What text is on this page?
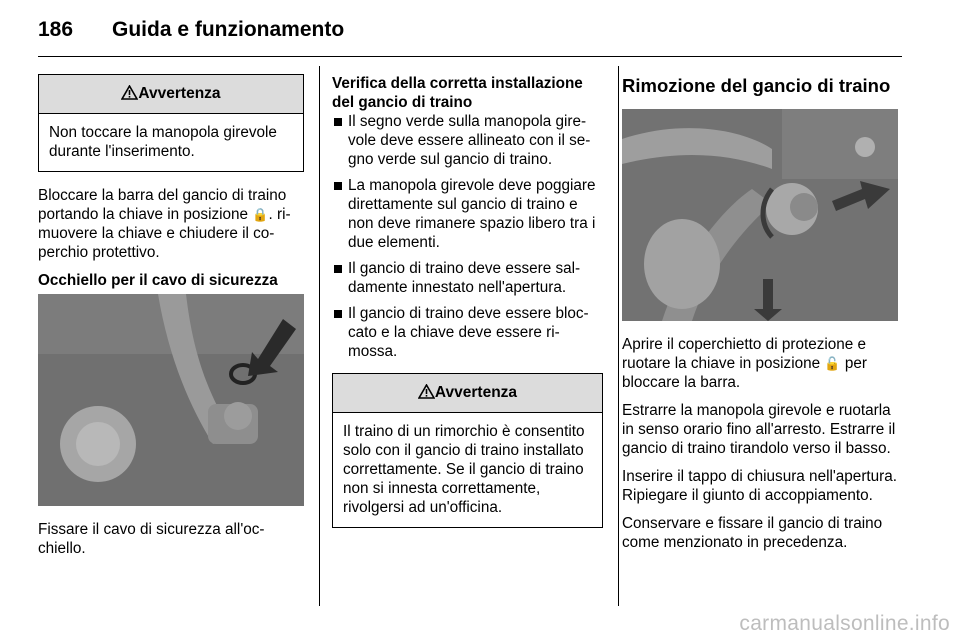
186 Guida e funzionamento
Avvertenza
Non toccare la manopola girevole durante l'inserimento.

Bloccare la barra del gancio di traino portando la chiave in posizione 🔒. rimuovere la chiave e chiudere il coperchio protettivo.

Occhiello per il cavo di sicurezza

Fissare il cavo di sicurezza all'occhiello.

Verifica della corretta installazione del gancio di traino

Il segno verde sulla manopola girevole deve essere allineato con il segno verde sul gancio di traino.
La manopola girevole deve poggiare direttamente sul gancio di traino e non deve rimanere spazio libero tra i due elementi.
Il gancio di traino deve essere saldamente innestato nell'apertura.
Il gancio di traino deve essere bloccato e la chiave deve essere rimossa.
Avvertenza
Il traino di un rimorchio è consentito solo con il gancio di traino installato correttamente. Se il gancio di traino non si innesta correttamente, rivolgersi ad un'officina.
Rimozione del gancio di traino

Aprire il coperchietto di protezione e ruotare la chiave in posizione 🔓 per bloccare la barra.

Estrarre la manopola girevole e ruotarla in senso orario fino all'arresto. Estrarre il gancio di traino tirandolo verso il basso.

Inserire il tappo di chiusura nell'apertura. Ripiegare il giunto di accoppiamento.

Conservare e fissare il gancio di traino come menzionato in precedenza.

carmanualsonline.info
